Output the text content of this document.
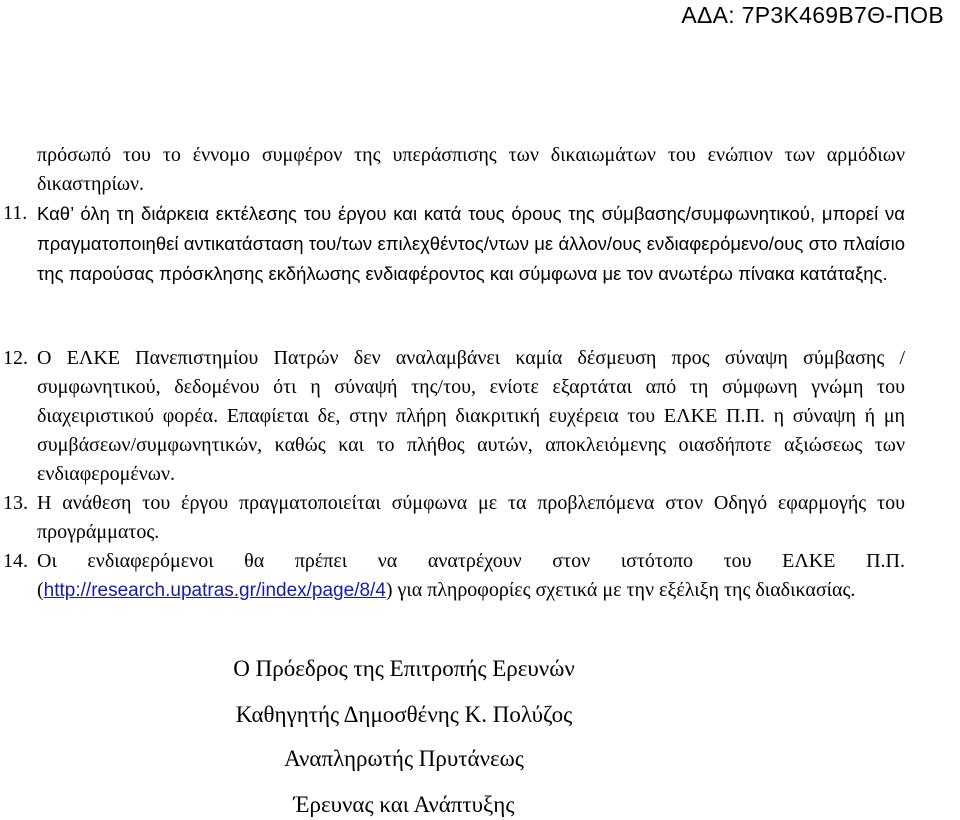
ΑΔΑ: 7Ρ3Κ469Β7Θ-ΠΟΒ

πρόσωπό του το έννομο συμφέρον της υπεράσπισης των δικαιωμάτων του ενώπιον των αρμόδιων δικαστηρίων.

11. Καθ’ όλη τη διάρκεια εκτέλεσης του έργου και κατά τους όρους της σύμβασης/συμφωνητικού, μπορεί να πραγματοποιηθεί αντικατάσταση του/των επιλεχθέντος/ντων με άλλον/ους ενδιαφερόμενο/ους στο πλαίσιο της παρούσας πρόσκλησης εκδήλωσης ενδιαφέροντος και σύμφωνα με τον ανωτέρω πίνακα κατάταξης.

12. Ο ΕΛΚΕ Πανεπιστημίου Πατρών δεν αναλαμβάνει καμία δέσμευση προς σύναψη σύμβασης / συμφωνητικού, δεδομένου ότι η σύναψή της/του, ενίοτε εξαρτάται από τη σύμφωνη γνώμη του διαχειριστικού φορέα. Επαφίεται δε, στην πλήρη διακριτική ευχέρεια του ΕΛΚΕ Π.Π. η σύναψη ή μη συμβάσεων/συμφωνητικών, καθώς και το πλήθος αυτών, αποκλειόμενης οιασδήποτε αξιώσεως των ενδιαφερομένων.

13. Η ανάθεση του έργου πραγματοποιείται σύμφωνα με τα προβλεπόμενα στον Οδηγό εφαρμογής του προγράμματος.

14. Οι ενδιαφερόμενοι θα πρέπει να ανατρέχουν στον ιστότοπο του ΕΛΚΕ Π.Π. (http://research.upatras.gr/index/page/8/4) για πληροφορίες σχετικά με την εξέλιξη της διαδικασίας.

Ο Πρόεδρος της Επιτροπής Ερευνών
Καθηγητής Δημοσθένης Κ. Πολύζος
Αναπληρωτής Πρυτάνεως
Έρευνας και Ανάπτυξης
